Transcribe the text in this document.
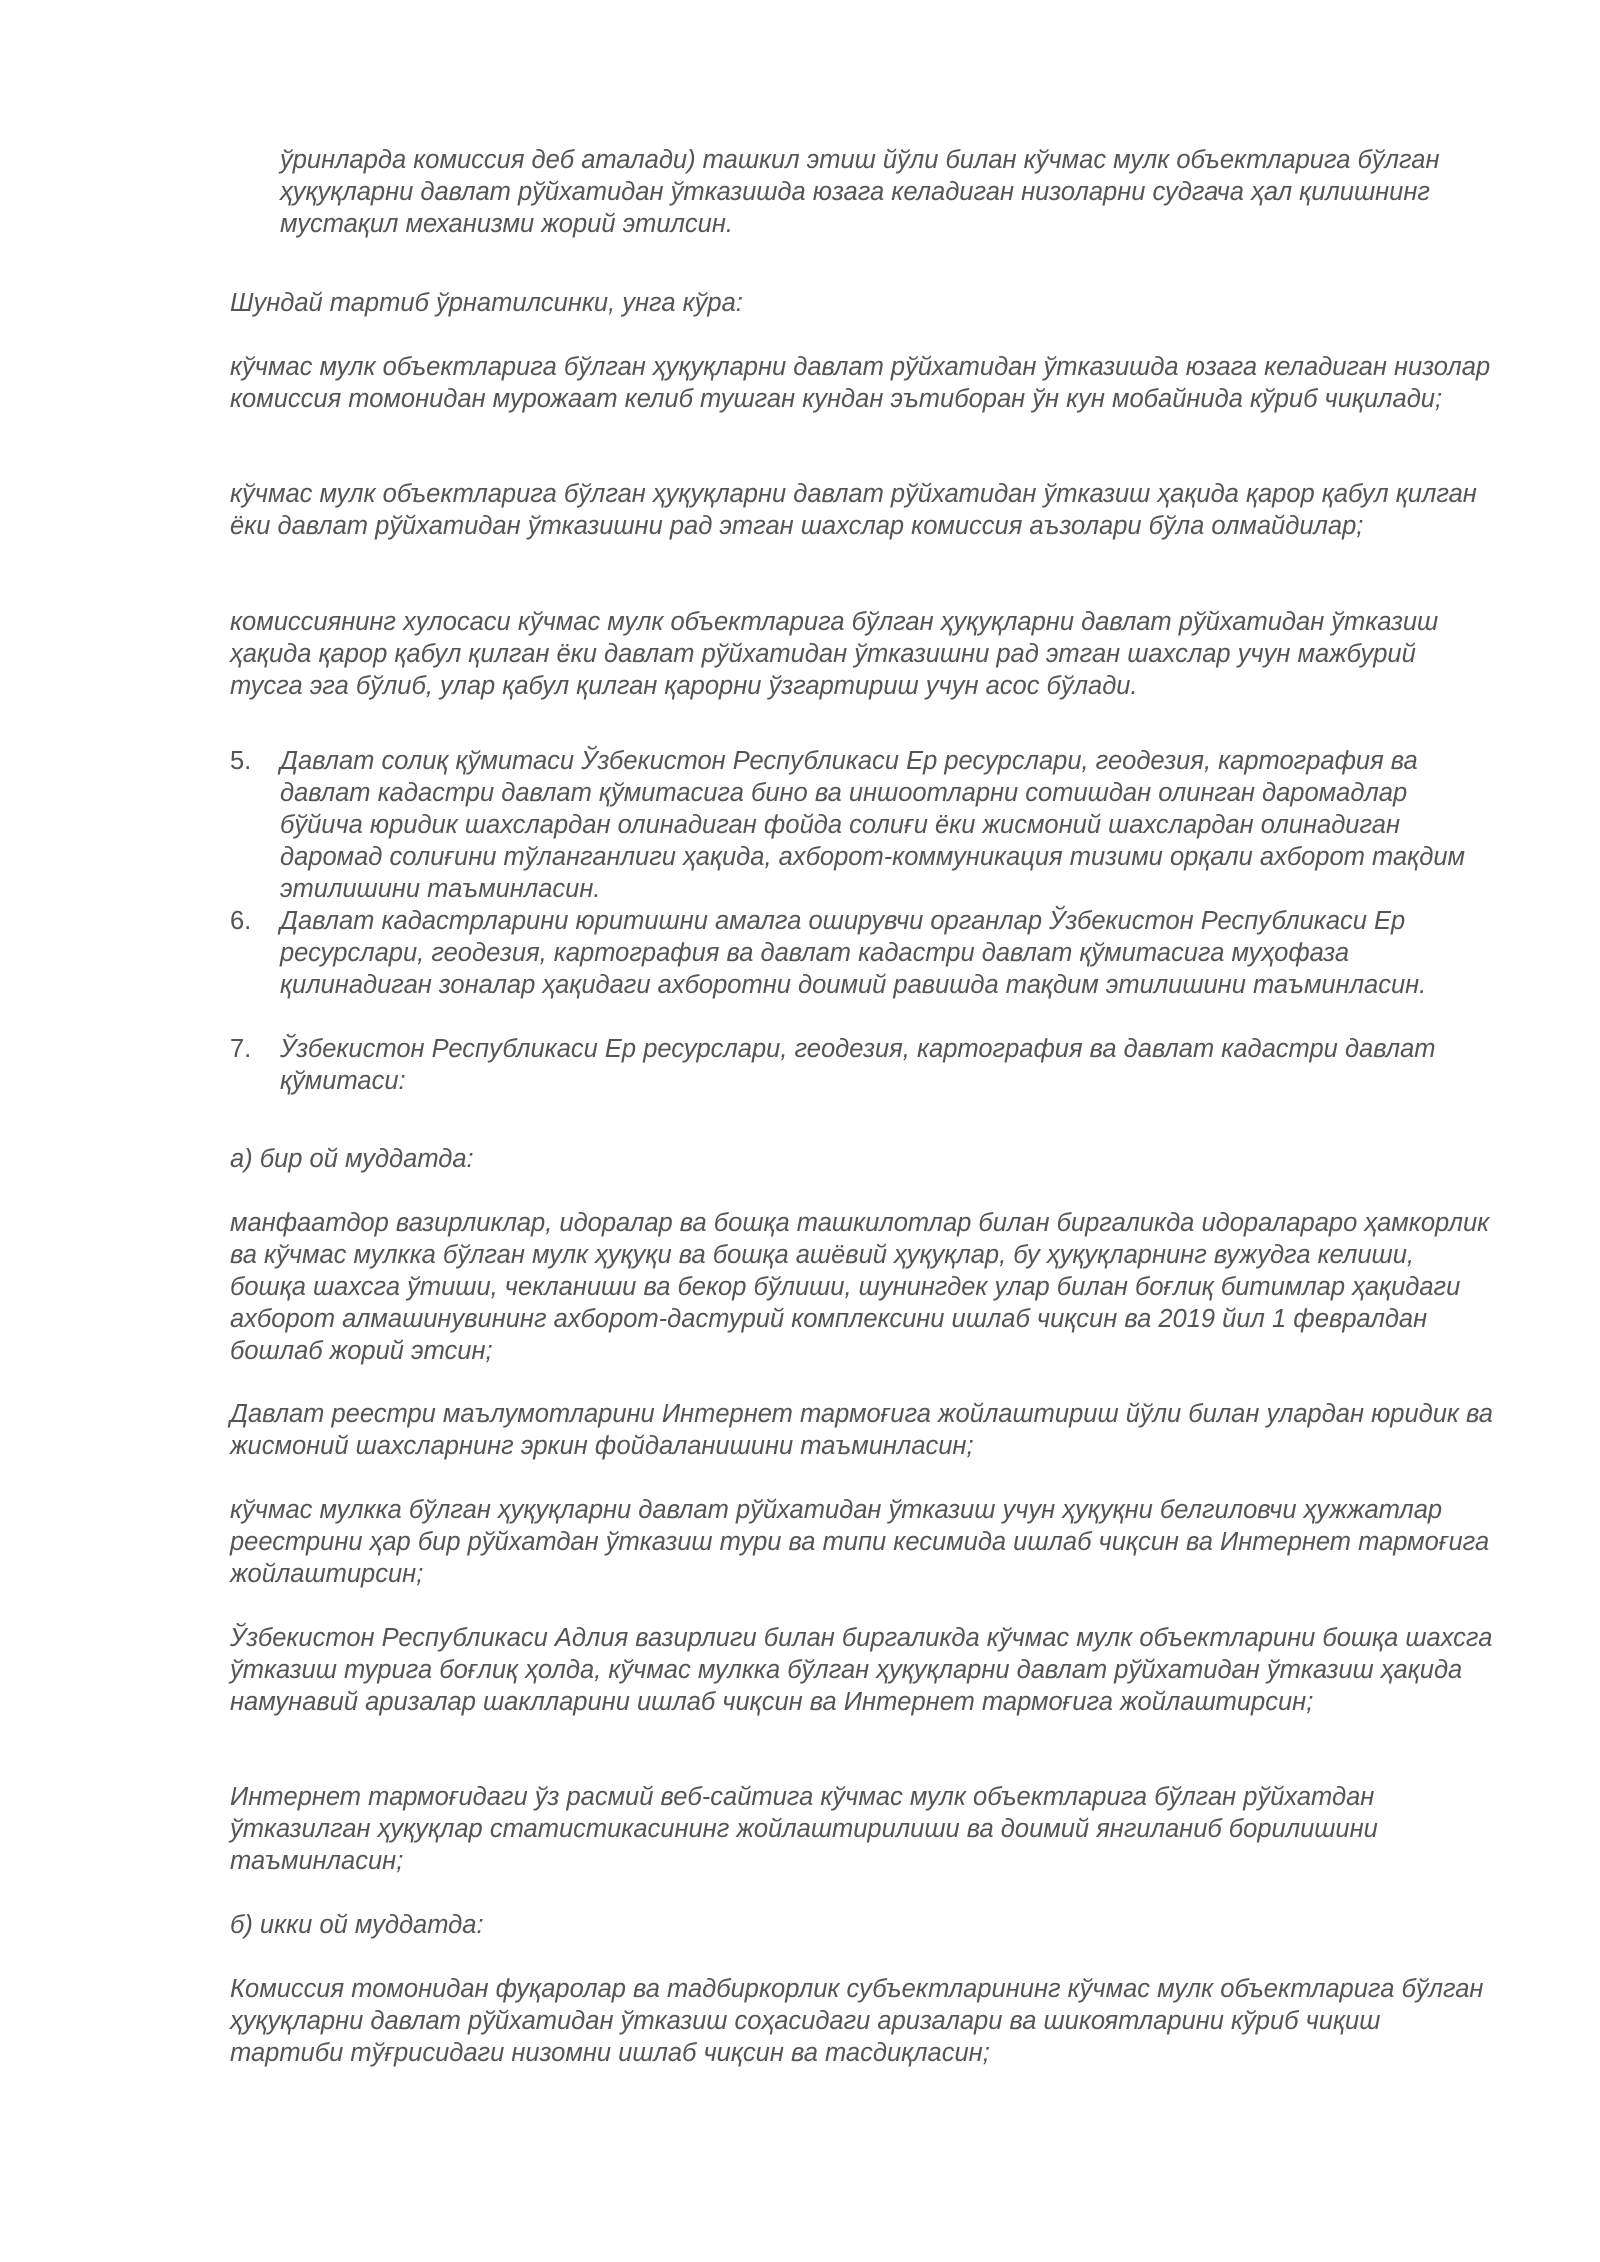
ўринларда комиссия деб аталади) ташкил этиш йўли билан кўчмас мулк объектларига бўлган ҳуқуқларни давлат рўйхатидан ўтказишда юзага келадиган низоларни судгача ҳал қилишнинг мустақил механизми жорий этилсин.

Шундай тартиб ўрнатилсинки, унга кўра:

кўчмас мулк объектларига бўлган ҳуқуқларни давлат рўйхатидан ўтказишда юзага келадиган низолар комиссия томонидан мурожаат келиб тушган кундан эътиборан ўн кун мобайнида кўриб чиқилади;

кўчмас мулк объектларига бўлган ҳуқуқларни давлат рўйхатидан ўтказиш ҳақида қарор қабул қилган ёки давлат рўйхатидан ўтказишни рад этган шахслар комиссия аъзолари бўла олмайдилар;

комиссиянинг хулосаси кўчмас мулк объектларига бўлган ҳуқуқларни давлат рўйхатидан ўтказиш ҳақида қарор қабул қилган ёки давлат рўйхатидан ўтказишни рад этган шахслар учун мажбурий тусга эга бўлиб, улар қабул қилган қарорни ўзгартириш учун асос бўлади.

5.	Давлат солиқ қўмитаси Ўзбекистон Республикаси Ер ресурслари, геодезия, картография ва давлат кадастри давлат қўмитасига бино ва иншоотларни сотишдан олинган даромадлар бўйича юридик шахслардан олинадиган фойда солиғи ёки жисмоний шахслардан олинадиган даромад солиғини тўланганлиги ҳақида, ахборот-коммуникация тизими орқали ахборот тақдим этилишини таъминласин.

6.	Давлат кадастрларини юритишни амалга оширувчи органлар Ўзбекистон Республикаси Ер ресурслари, геодезия, картография ва давлат кадастри давлат қўмитасига муҳофаза қилинадиган зоналар ҳақидаги ахборотни доимий равишда тақдим этилишини таъминласин.

7.	Ўзбекистон Республикаси Ер ресурслари, геодезия, картография ва давлат кадастри давлат қўмитаси:

а) бир ой муддатда:

манфаатдор вазирликлар, идоралар ва бошқа ташкилотлар билан биргаликда идоралараро ҳамкорлик ва кўчмас мулкка бўлган мулк ҳуқуқи ва бошқа ашёвий ҳуқуқлар, бу ҳуқуқларнинг вужудга келиши, бошқа шахсга ўтиши, чекланиши ва бекор бўлиши, шунингдек улар билан боғлиқ битимлар ҳақидаги ахборот алмашинувининг ахборот-дастурий комплексини ишлаб чиқсин ва 2019 йил 1 февралдан бошлаб жорий этсин;

Давлат реестри маълумотларини Интернет тармоғига жойлаштириш йўли билан улардан юридик ва жисмоний шахсларнинг эркин фойдаланишини таъминласин;

кўчмас мулкка бўлган ҳуқуқларни давлат рўйхатидан ўтказиш учун ҳуқуқни белгиловчи ҳужжатлар реестрини ҳар бир рўйхатдан ўтказиш тури ва типи кесимида ишлаб чиқсин ва Интернет тармоғига жойлаштирсин;

Ўзбекистон Республикаси Адлия вазирлиги билан биргаликда кўчмас мулк объектларини бошқа шахсга ўтказиш турига боғлиқ ҳолда, кўчмас мулкка бўлган ҳуқуқларни давлат рўйхатидан ўтказиш ҳақида намунавий аризалар шаклларини ишлаб чиқсин ва Интернет тармоғига жойлаштирсин;

Интернет тармоғидаги ўз расмий веб-сайтига кўчмас мулк объектларига бўлган рўйхатдан ўтказилган ҳуқуқлар статистикасининг жойлаштирилиши ва доимий янгиланиб борилишини таъминласин;

б) икки ой муддатда:

Комиссия томонидан фуқаролар ва тадбиркорлик субъектларининг кўчмас мулк объектларига бўлган ҳуқуқларни давлат рўйхатидан ўтказиш соҳасидаги аризалари ва шикоятларини кўриб чиқиш тартиби тўғрисидаги низомни ишлаб чиқсин ва тасдиқласин;
